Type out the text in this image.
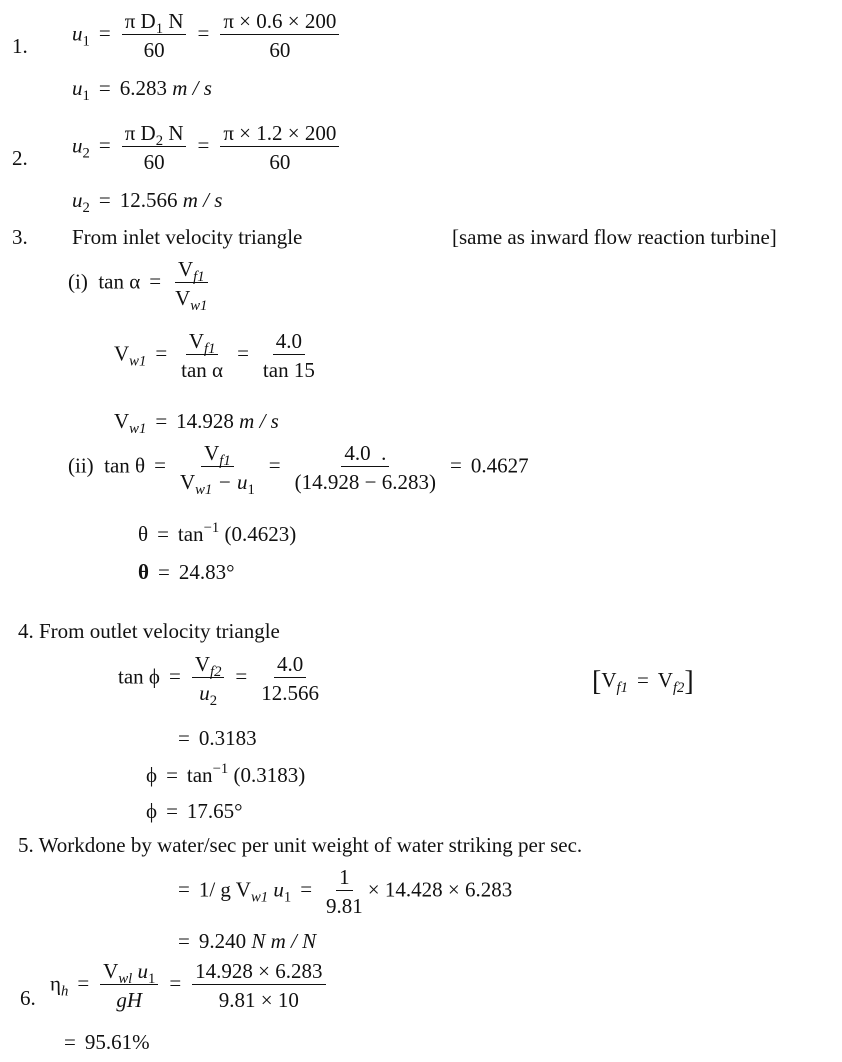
1.
$u_1 = \frac{\pi D_1 N}{60} = \frac{\pi \times 0.6 \times 200}{60}$
$u_1 = 6.283$ m / s
2.
$u_2 = \frac{\pi D_2 N}{60} = \frac{\pi \times 1.2 \times 200}{60}$
$u_2 = 12.566$ m / s
3. From inlet velocity triangle	[same as inward flow reaction turbine]
(i) $\tan \alpha = \frac{V_{f1}}{V_{w1}}$
$V_{w1} = \frac{V_{f1}}{\text{tan α}} = \frac{4.0}{\tan 15}$
$V_{w1} = 14.928$ m / s
(ii) $\tan \theta = \frac{V_{f1}}{V_{w1} - u_1} = \frac{4.0 .}{(14.928 - 6.283)} = 0.4627$
$\theta = \tan^{-1} (0.4623)$
θ = 24.83°
4. From outlet velocity triangle
$\tan \phi = \frac{V_{f2}}{u_2} = \frac{4.0}{12.566}$	$[V_{f1} = V_{f2}]$
= 0.3183
$\phi = \tan^{-1} (0.3183)$
ϕ = 17.65°
5. Workdone by water/sec per unit weight of water striking per sec.
= 1/ g $V_{w1}$ $u_1 = \frac{1}{9.81} \times 14.428 \times 6.283$
= 9.240 N m / N
6.
$\eta_h = \frac{V_{wl} u_1}{gH} = \frac{14.928 \times 6.283}{9.81 \times 10}$
= 95.61%
